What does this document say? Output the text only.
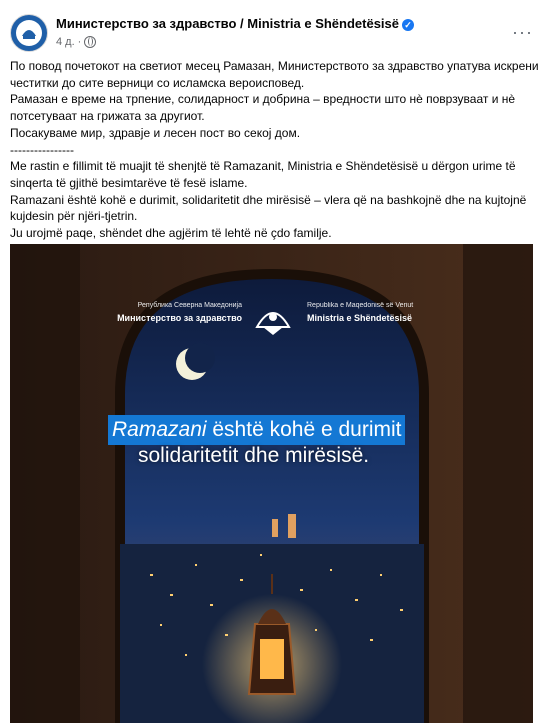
Министерство за здравство / Ministria e Shëndetësisë ✓
4 д. ·	···

По повод почетокот на светиот месец Рамазан, Министерството за здравство упатува искрени честитки до сите верници со исламска вероисповед.

Рамазан е време на трпение, солидарност и добрина – вредности што нè поврзуваат и нè потсетуваат на грижата за другиот.

Посакуваме мир, здравје и лесен пост во секој дом.

----------------

Me rastin e fillimit të muajit të shenjtë të Ramazanit, Ministria e Shëndetësisë u dërgon urime të sinqerta të gjithë besimtarëve të fesë islame.

Ramazani është kohë e durimit, solidaritetit dhe mirësisë – vlera që na bashkojnë dhe na kujtojnë kujdesin për njëri-tjetrin.

Ju urojmë paqe, shëndet dhe agjërim të lehtë në çdo familje.

Република Северна Македонија
Министерство за здравство
Republika e Maqedonisë së Veriut
Ministria e Shëndetësisë
Ramazani është kohë e durimit
solidaritetit dhe mirësisë.
